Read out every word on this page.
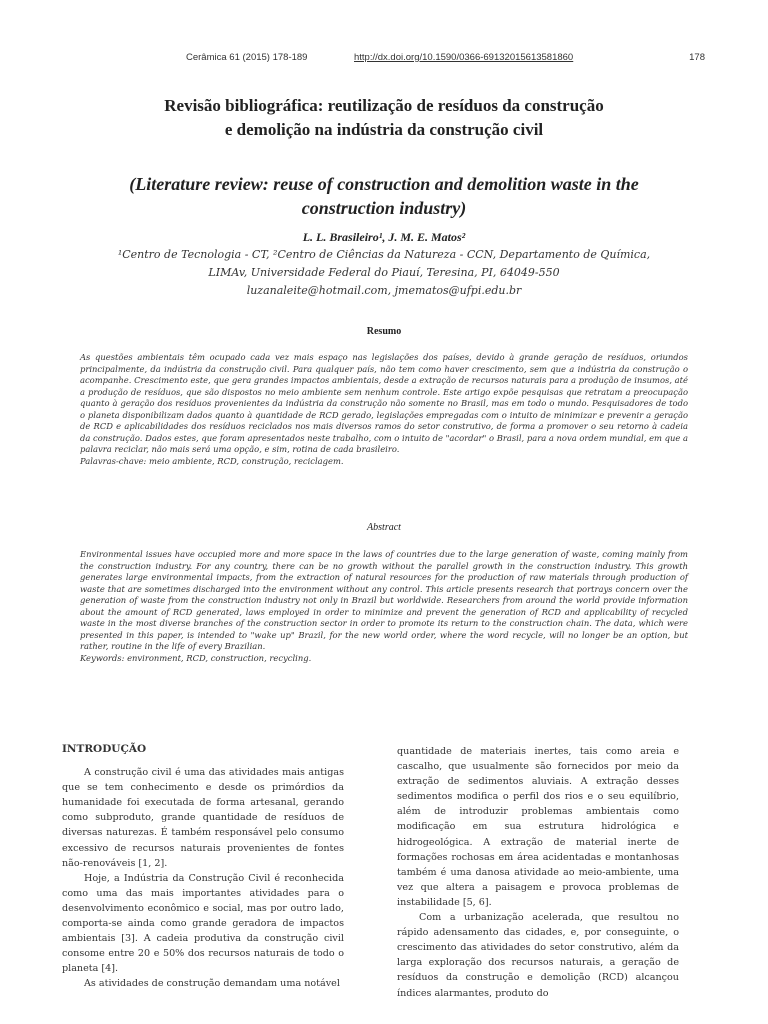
Cerâmica 61 (2015) 178-189	http://dx.doi.org/10.1590/0366-69132015613581860	178
Revisão bibliográfica: reutilização de resíduos da construção
e demolição na indústria da construção civil
(Literature review: reuse of construction and demolition waste in the
construction industry)
L. L. Brasileiro¹, J. M. E. Matos²
¹Centro de Tecnologia - CT, ²Centro de Ciências da Natureza - CCN, Departamento de Química,
LIMAv, Universidade Federal do Piauí, Teresina, PI, 64049-550
luzanaleite@hotmail.com, jmematos@ufpi.edu.br
Resumo

As questões ambientais têm ocupado cada vez mais espaço nas legislações dos países, devido à grande geração de resíduos, oriundos principalmente, da indústria da construção civil. Para qualquer país, não tem como haver crescimento, sem que a indústria da construção o acompanhe. Crescimento este, que gera grandes impactos ambientais, desde a extração de recursos naturais para a produção de insumos, até a produção de resíduos, que são dispostos no meio ambiente sem nenhum controle. Este artigo expõe pesquisas que retratam a preocupação quanto à geração dos resíduos provenientes da indústria da construção não somente no Brasil, mas em todo o mundo. Pesquisadores de todo o planeta disponibilizam dados quanto à quantidade de RCD gerado, legislações empregadas com o intuito de minimizar e prevenir a geração de RCD e aplicabilidades dos resíduos reciclados nos mais diversos ramos do setor construtivo, de forma a promover o seu retorno à cadeia da construção. Dados estes, que foram apresentados neste trabalho, com o intuito de "acordar" o Brasil, para a nova ordem mundial, em que a palavra reciclar, não mais será uma opção, e sim, rotina de cada brasileiro.

Palavras-chave: meio ambiente, RCD, construção, reciclagem.

Abstract

Environmental issues have occupied more and more space in the laws of countries due to the large generation of waste, coming mainly from the construction industry. For any country, there can be no growth without the parallel growth in the construction industry. This growth generates large environmental impacts, from the extraction of natural resources for the production of raw materials through production of waste that are sometimes discharged into the environment without any control. This article presents research that portrays concern over the generation of waste from the construction industry not only in Brazil but worldwide. Researchers from around the world provide information about the amount of RCD generated, laws employed in order to minimize and prevent the generation of RCD and applicability of recycled waste in the most diverse branches of the construction sector in order to promote its return to the construction chain. The data, which were presented in this paper, is intended to "wake up" Brazil, for the new world order, where the word recycle, will no longer be an option, but rather, routine in the life of every Brazilian.

Keywords: environment, RCD, construction, recycling.

INTRODUÇÃO

A construção civil é uma das atividades mais antigas que se tem conhecimento e desde os primórdios da humanidade foi executada de forma artesanal, gerando como subproduto, grande quantidade de resíduos de diversas naturezas. É também responsável pelo consumo excessivo de recursos naturais provenientes de fontes não-renováveis [1, 2].

Hoje, a Indústria da Construção Civil é reconhecida como uma das mais importantes atividades para o desenvolvimento econômico e social, mas por outro lado, comporta-se ainda como grande geradora de impactos ambientais [3]. A cadeia produtiva da construção civil consome entre 20 e 50% dos recursos naturais de todo o planeta [4].

As atividades de construção demandam uma notável

quantidade de materiais inertes, tais como areia e cascalho, que usualmente são fornecidos por meio da extração de sedimentos aluviais. A extração desses sedimentos modifica o perfil dos rios e o seu equilíbrio, além de introduzir problemas ambientais como modificação em sua estrutura hidrológica e hidrogeológica. A extração de material inerte de formações rochosas em área acidentadas e montanhosas também é uma danosa atividade ao meio-ambiente, uma vez que altera a paisagem e provoca problemas de instabilidade [5, 6].

Com a urbanização acelerada, que resultou no rápido adensamento das cidades, e, por conseguinte, o crescimento das atividades do setor construtivo, além da larga exploração dos recursos naturais, a geração de resíduos da construção e demolição (RCD) alcançou índices alarmantes, produto do
